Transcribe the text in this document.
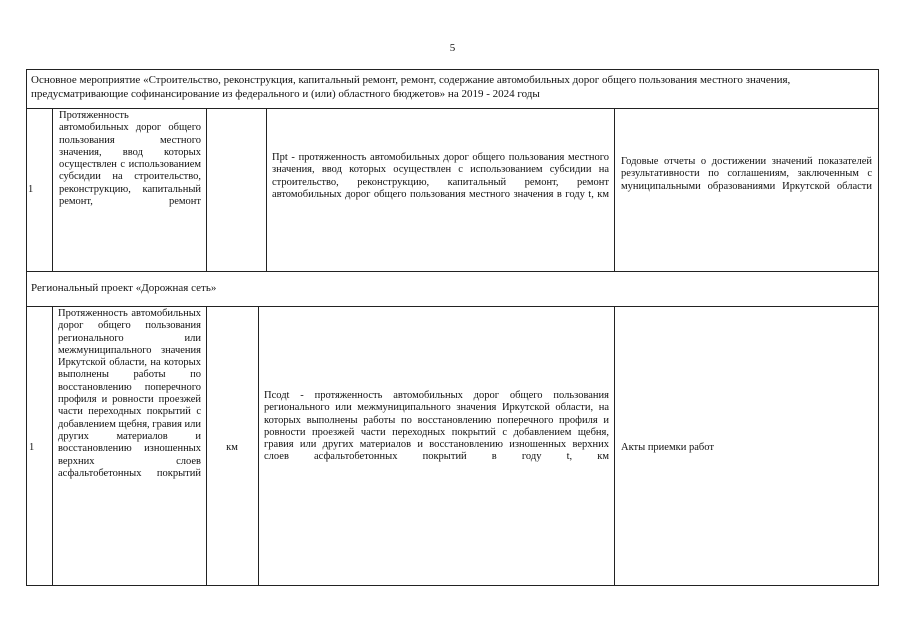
5
Основное мероприятие «Строительство, реконструкция, капитальный ремонт, ремонт, содержание автомобильных дорог общего пользования местного значения, предусматривающие софинансирование из федерального и (или) областного бюджетов» на 2019 - 2024 годы
1
Протяженность автомобильных дорог общего пользования местного значения, ввод которых осуществлен с использованием субсидии на строительство, реконструкцию, капитальный ремонт, ремонт
Прt - протяженность автомобильных дорог общего пользования местного значения, ввод которых осуществлен с использованием субсидии на строительство, реконструкцию, капитальный ремонт, ремонт автомобильных дорог общего пользования местного значения в году t, км
Годовые отчеты о достижении значений показателей результативности по соглашениям, заключенным с муниципальными образованиями Иркутской области
Региональный проект «Дорожная сеть»
1
Протяженность автомобильных дорог общего пользования регионального или межмуниципального значения Иркутской области, на которых выполнены работы по восстановлению поперечного профиля и ровности проезжей части переходных покрытий с добавлением щебня, гравия или других материалов и восстановлению изношенных верхних слоев асфальтобетонных покрытий
км
Псодt - протяженность автомобильных дорог общего пользования регионального или межмуниципального значения Иркутской области, на которых выполнены работы по восстановлению поперечного профиля и ровности проезжей части переходных покрытий с добавлением щебня, гравия или других материалов и восстановлению изношенных верхних слоев асфальтобетонных покрытий в году t, км
Акты приемки работ
